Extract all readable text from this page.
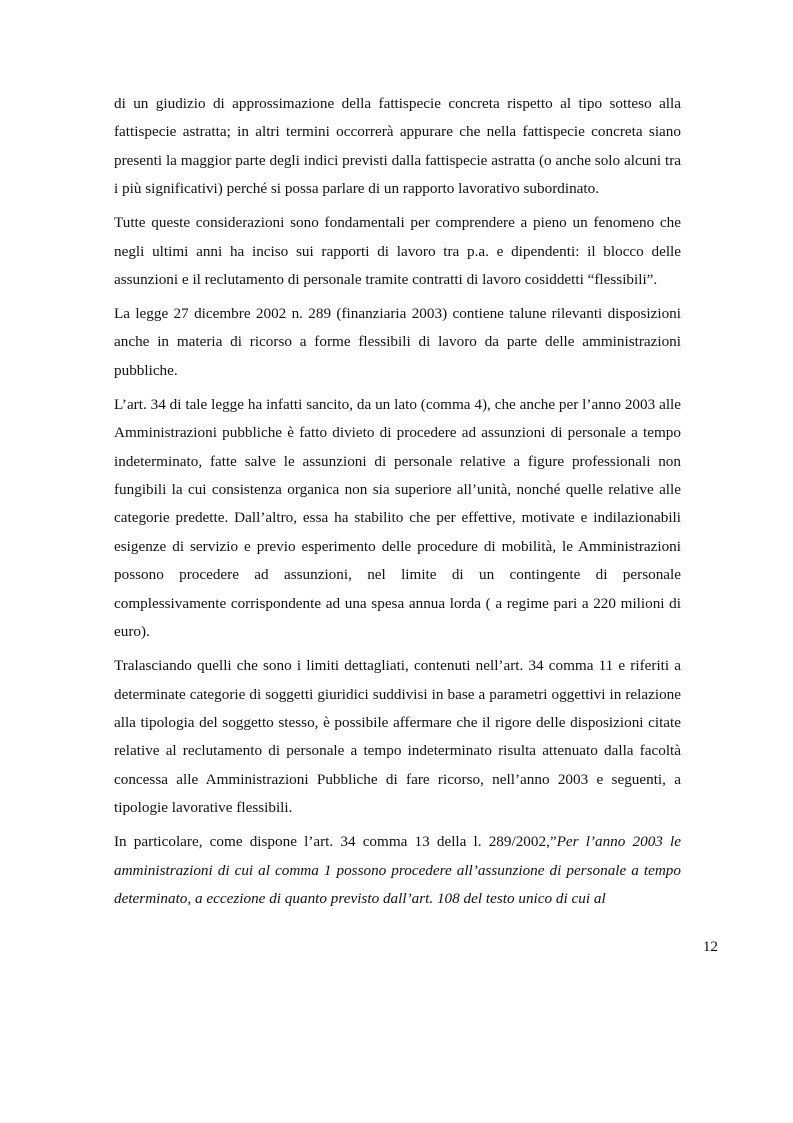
di un giudizio di approssimazione della fattispecie concreta rispetto al tipo sotteso alla fattispecie astratta; in altri termini occorrerà appurare che nella fattispecie concreta siano presenti la maggior parte degli indici previsti dalla fattispecie astratta (o anche solo alcuni tra i più significativi) perché si possa parlare di un rapporto lavorativo subordinato.

Tutte queste considerazioni sono fondamentali per comprendere a pieno un fenomeno che negli ultimi anni ha inciso sui rapporti di lavoro tra p.a. e dipendenti: il blocco delle assunzioni e il reclutamento di personale tramite contratti di lavoro cosiddetti “flessibili”.

La legge 27 dicembre 2002 n. 289 (finanziaria 2003) contiene talune rilevanti disposizioni anche in materia di ricorso a forme flessibili di lavoro da parte delle amministrazioni pubbliche.

L’art. 34 di tale legge ha infatti sancito, da un lato (comma 4), che anche per l’anno 2003 alle Amministrazioni pubbliche è fatto divieto di procedere ad assunzioni di personale a tempo indeterminato, fatte salve le assunzioni di personale relative a figure professionali non fungibili la cui consistenza organica non sia superiore all’unità, nonché quelle relative alle categorie predette. Dall’altro, essa ha stabilito che per effettive, motivate e indilazionabili esigenze di servizio e previo esperimento delle procedure di mobilità, le Amministrazioni possono procedere ad assunzioni, nel limite di un contingente di personale complessivamente corrispondente ad una spesa annua lorda ( a regime pari a 220 milioni di euro).

Tralasciando quelli che sono i limiti dettagliati, contenuti nell’art. 34 comma 11 e riferiti a determinate categorie di soggetti giuridici suddivisi in base a parametri oggettivi in relazione alla tipologia del soggetto stesso, è possibile affermare che il rigore delle disposizioni citate relative al reclutamento di personale a tempo indeterminato risulta attenuato dalla facoltà concessa alle Amministrazioni Pubbliche di fare ricorso, nell’anno 2003 e seguenti, a tipologie lavorative flessibili.

In particolare, come dispone l’art. 34 comma 13 della l. 289/2002,”Per l’anno 2003 le amministrazioni di cui al comma 1 possono procedere all’assunzione di personale a tempo determinato, a eccezione di quanto previsto dall’art. 108 del testo unico di cui al

12
